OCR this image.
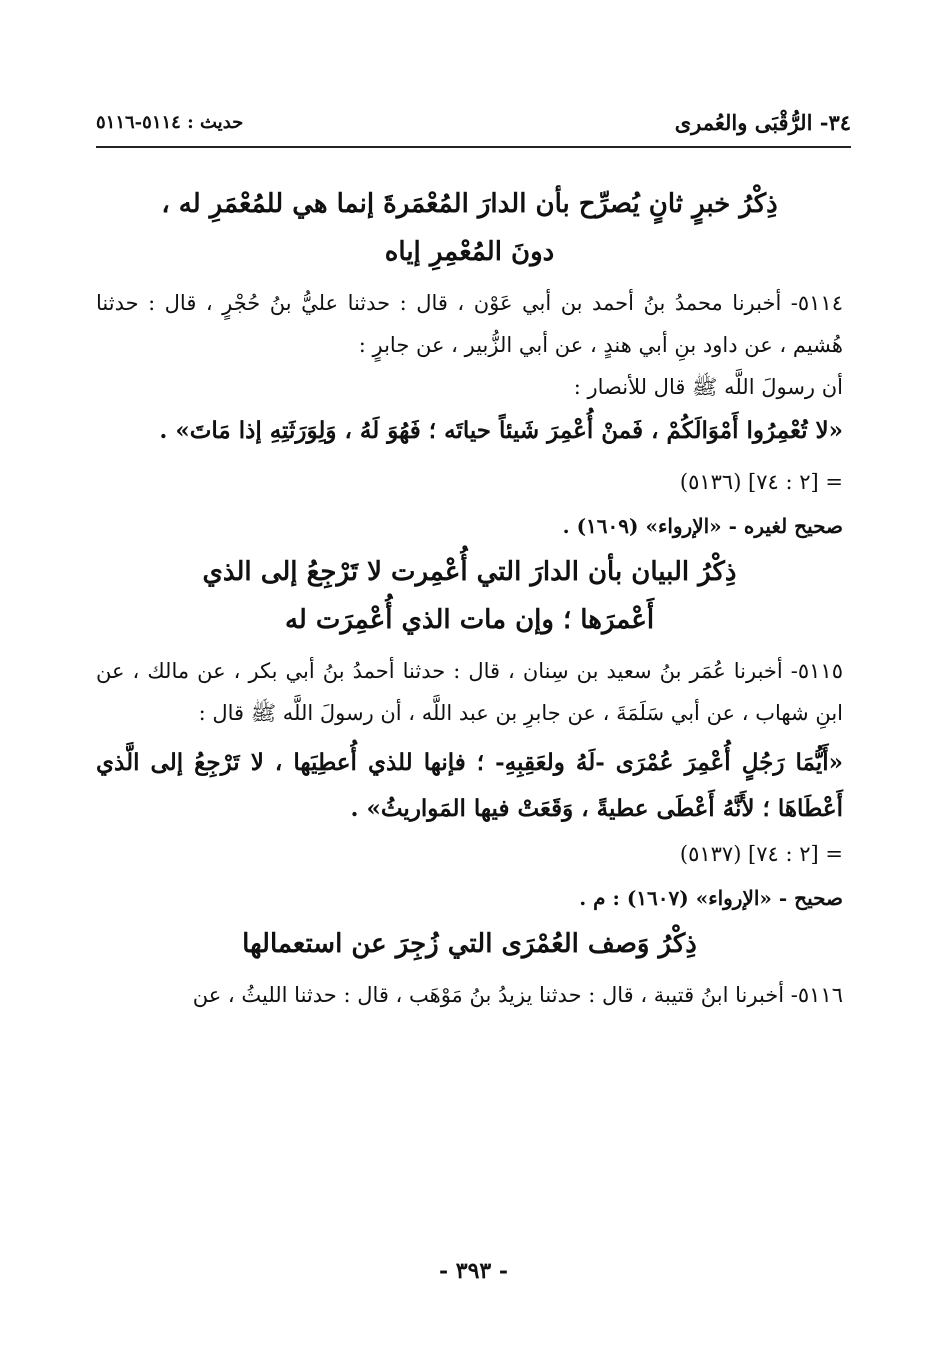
٣٤- الرُّقْبَى والعُمرى
حديث : ٥١١٤-٥١١٦

ذِكْرُ خبرٍ ثانٍ يُصرِّح بأن الدارَ المُعْمَرةَ إنما هي للمُعْمَرِ له ،

دونَ المُعْمِرِ إياه

٥١١٤- أخبرنا محمدُ بنُ أحمد بن أبي عَوْن ، قال : حدثنا عليُّ بنُ حُجْرٍ ، قال : حدثنا هُشيم ، عن داود بنِ أبي هندٍ ، عن أبي الزُّبير ، عن جابرٍ :

أن رسولَ اللَّه ﷺ قال للأنصار :

«لا تُعْمِرُوا أَمْوَالَكُمْ ، فَمنْ أُعْمِرَ شَيئاً حياتَه ؛ فَهُوَ لَهُ ، وَلِوَرَثَتِهِ إذا مَاتَ» .

= [٢ : ٧٤] (٥١٣٦)

صحيح لغيره - «الإرواء» (١٦٠٩) .

ذِكْرُ البيان بأن الدارَ التي أُعْمِرت لا تَرْجِعُ إلى الذي

أَعْمرَها ؛ وإن مات الذي أُعْمِرَت له

٥١١٥- أخبرنا عُمَر بنُ سعيد بن سِنان ، قال : حدثنا أحمدُ بنُ أبي بكر ، عن مالك ، عن ابنِ شهاب ، عن أبي سَلَمَةَ ، عن جابرِ بن عبد اللَّه ، أن رسولَ اللَّه ﷺ قال :

«أَيُّمَا رَجُلٍ أُعْمِرَ عُمْرَى -لَهُ ولعَقِبِهِ- ؛ فإنها للذي أُعطِيَها ، لا تَرْجِعُ إلى الَّذي أَعْطَاهَا ؛ لأَنَّهُ أَعْطَى عطيةً ، وَقَعَتْ فيها المَواريثُ» .

= [٢ : ٧٤] (٥١٣٧)

صحيح - «الإرواء» (١٦٠٧) : م .

ذِكْرُ وَصف العُمْرَى التي زُجِرَ عن استعمالها

٥١١٦- أخبرنا ابنُ قتيبة ، قال : حدثنا يزيدُ بنُ مَوْهَب ، قال : حدثنا الليثُ ، عن

- ٣٩٣ -
